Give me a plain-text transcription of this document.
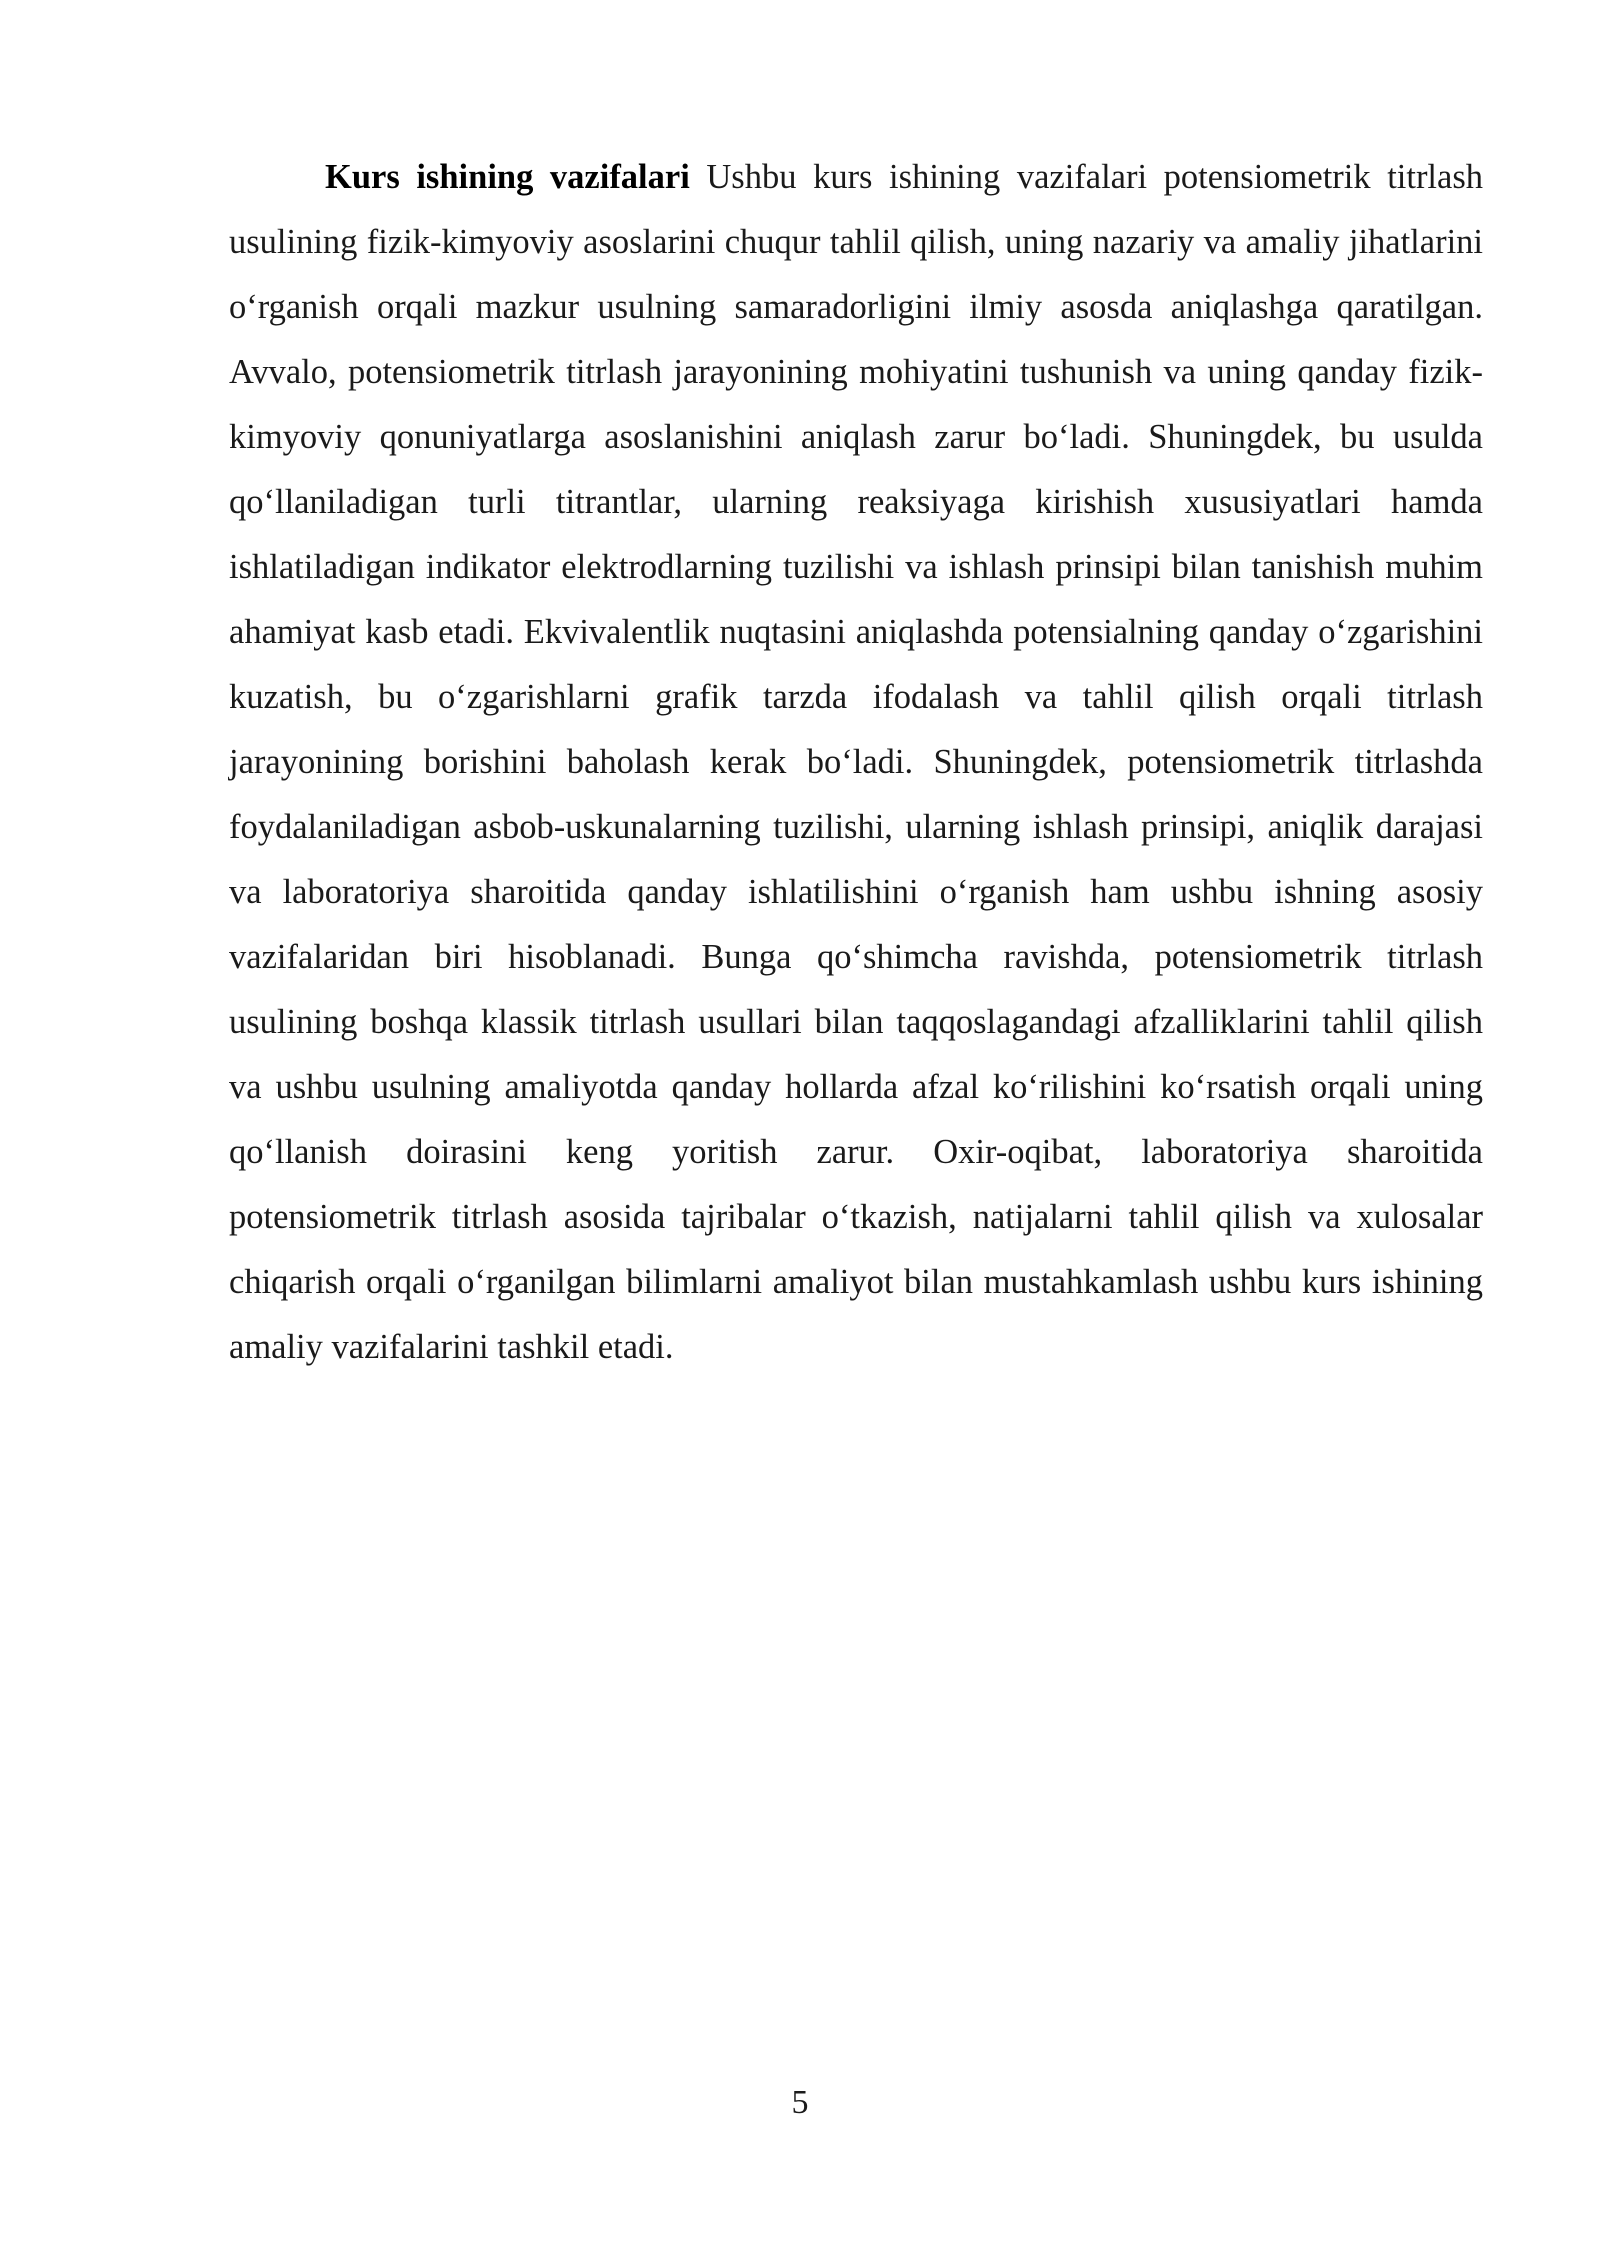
Kurs ishining vazifalari Ushbu kurs ishining vazifalari potensiometrik titrlash usulining fizik-kimyoviy asoslarini chuqur tahlil qilish, uning nazariy va amaliy jihatlarini o‘rganish orqali mazkur usulning samaradorligini ilmiy asosda aniqlashga qaratilgan. Avvalo, potensiometrik titrlash jarayonining mohiyatini tushunish va uning qanday fizik-kimyoviy qonuniyatlarga asoslanishini aniqlash zarur bo‘ladi. Shuningdek, bu usulda qo‘llaniladigan turli titrantlar, ularning reaksiyaga kirishish xususiyatlari hamda ishlatiladigan indikator elektrodlarning tuzilishi va ishlash prinsipi bilan tanishish muhim ahamiyat kasb etadi. Ekvivalentlik nuqtasini aniqlashda potensialning qanday o‘zgarishini kuzatish, bu o‘zgarishlarni grafik tarzda ifodalash va tahlil qilish orqali titrlash jarayonining borishini baholash kerak bo‘ladi. Shuningdek, potensiometrik titrlashda foydalaniladigan asbob-uskunalarning tuzilishi, ularning ishlash prinsipi, aniqlik darajasi va laboratoriya sharoitida qanday ishlatilishini o‘rganish ham ushbu ishning asosiy vazifalaridan biri hisoblanadi. Bunga qo‘shimcha ravishda, potensiometrik titrlash usulining boshqa klassik titrlash usullari bilan taqqoslagandagi afzalliklarini tahlil qilish va ushbu usulning amaliyotda qanday hollarda afzal ko‘rilishini ko‘rsatish orqali uning qo‘llanish doirasini keng yoritish zarur. Oxir-oqibat, laboratoriya sharoitida potensiometrik titrlash asosida tajribalar o‘tkazish, natijalarni tahlil qilish va xulosalar chiqarish orqali o‘rganilgan bilimlarni amaliyot bilan mustahkamlash ushbu kurs ishining amaliy vazifalarini tashkil etadi.

5
